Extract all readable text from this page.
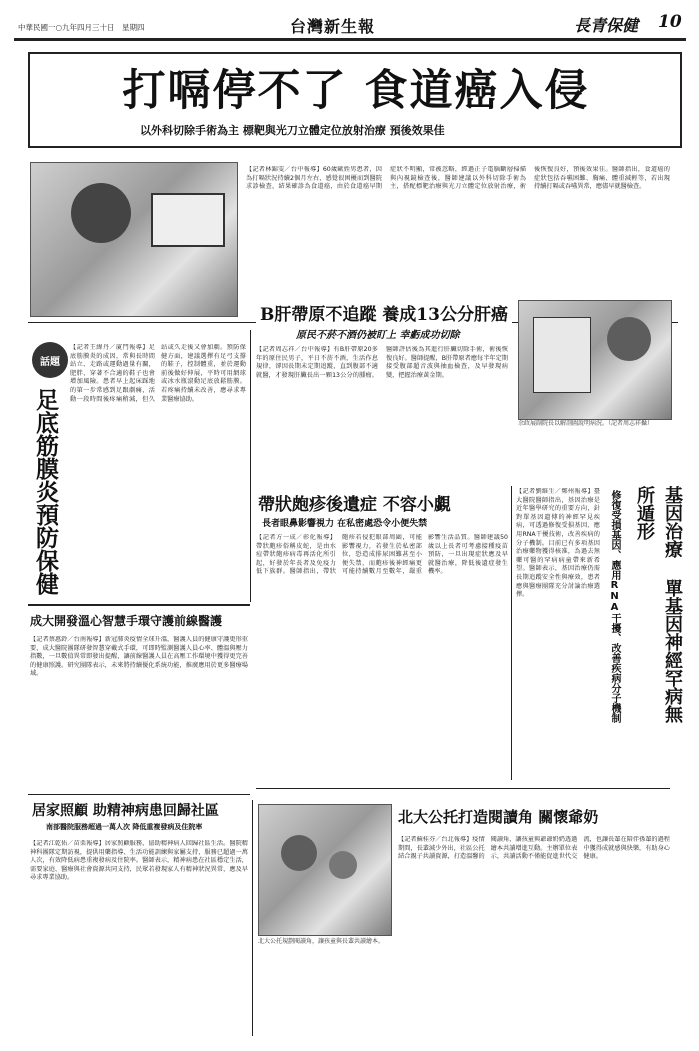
中華民國一○九年四月三十日　星期四	台灣新生報	長青保健 10
打嗝停不了 食道癌入侵
以外科切除手術為主 標靶與光刀立體定位放射治療 預後效果佳
【記者林錦雯／台中報導】60歲歐姓男患者，因為打嗝狀況持續2個月左右，感覺很困擾而到醫院求診檢查，結果確診為食道癌，由於食道癌早期症狀不明顯，常被忽略，經過正子電腦斷層掃描與內視鏡檢查後，醫師建議以外科切除手術為主，搭配標靶治療與光刀立體定位放射治療，術後恢復良好，預後效果佳。醫師指出，食道癌的症狀包括吞嚥困難、胸痛、體重減輕等，若出現持續打嗝或吞嚥異常，應儘早就醫檢查。
B肝帶原不追蹤 養成13公分肝癌
原民不菸不酒仍被盯上 幸虧成功切除
【記者周志祥／台中報導】有B肝帶原20多年的原住民男子，平日不菸不酒，生活作息規律，卻因長期未定期追蹤，直到腹部不適就醫，才發現肝臟長出一顆13公分的腫瘤。醫師評估後為其進行肝臟切除手術，術後恢復良好。醫師提醒，B肝帶原者應每半年定期接受腹部超音波與抽血檢查，及早發現病變，把握治療黃金期。
余政展副院長以解剖圖說明病況。（記者周志祥攝）
話題
足底筋膜炎預防保健
【記者王緯丹／廈門報導】足底筋膜炎的成因，常與長時間站立、走路或運動過量有關，肥胖、穿著不合適的鞋子也會增加風險。患者早上起床踩地的第一步常感到足跟劇痛，活動一段時間後疼痛稍減，但久站或久走後又會加劇。預防保健方面，建議選擇有足弓支撐的鞋子，控制體重，並於運動前後做好伸展，平時可用網球或冰水瓶滾動足底放鬆筋膜。若疼痛持續未改善，應尋求專業醫療協助。
帶狀皰疹後遺症 不容小覷
長者眼鼻影響視力 在私密處恐令小便失禁
【記者方一成／彰化報導】帶狀皰疹俗稱皮蛇，是由水痘帶狀皰疹病毒再活化所引起，好發於年長者及免疫力低下族群。醫師指出，帶狀皰疹若侵犯眼部周圍，可能影響視力，若發生於私密部位，恐造成排尿困難甚至小便失禁，而皰疹後神經痛更可能持續數月至數年，嚴重影響生活品質。醫師建議50歲以上長者可考慮接種疫苗預防，一旦出現症狀應及早就醫治療，降低後遺症發生機率。	基因治療 單基因神經罕病無所遁形
修復受損基因、應用RNA干擾、改善疾病分子機制
【記者劉維生／鄭州報導】臺大醫院醫師指出，基因治療是近年醫學研究的重要方向，針對單基因遺傳的神經罕見疾病，可透過修復受損基因、應用RNA干擾技術，改善疾病的分子機制。目前已有多項基因治療藥物獲得核准，為過去無藥可醫的罕病病童帶來新希望。醫師表示，基因治療仍需長期追蹤安全性與療效，患者應與醫療團隊充分討論治療選擇。
成大開發溫心智慧手環守護前線醫護
【記者蔡惠鈴／台南報導】新冠肺炎疫情全球升溫，醫護人員的健康守護更形重要，成大醫院團隊研發智慧穿戴式手環，可即時監測醫護人員心率、體溫與壓力指數，一旦數值異常即發出提醒，讓前線醫護人員在高壓工作環境中獲得更完善的健康照護。研究團隊表示，未來將持續優化系統功能，推廣應用於更多醫療場域。
居家照顧 助精神病患回歸社區
南部醫院服務超過一萬人次 降低重複發病及住院率
【記者江乾佑／苗栗報導】居家照顧服務，協助精神病人回歸社區生活。醫院精神科團隊定期訪視，提供用藥指導、生活功能訓練與家屬支持，服務已超過一萬人次，有效降低病患重複發病及住院率。醫師表示，精神病患在社區穩定生活，需要家庭、醫療與社會資源共同支持，民眾若發現家人有精神狀況異常，應及早尋求專業協助。
北大公托打造閱讀角 關懷爺奶
北大公托規劃閱讀角，讓孩童與長輩共讀繪本。
【記者蘇桂芬／台北報導】疫情期間，長輩減少外出，社區公托結合親子共讀資源，打造溫馨的閱讀角，讓孩童與爺爺奶奶透過繪本共讀增進互動。主辦單位表示，共讀活動不僅能促進世代交流，也讓長輩在陪伴孫輩的過程中獲得成就感與快樂，有助身心健康。
